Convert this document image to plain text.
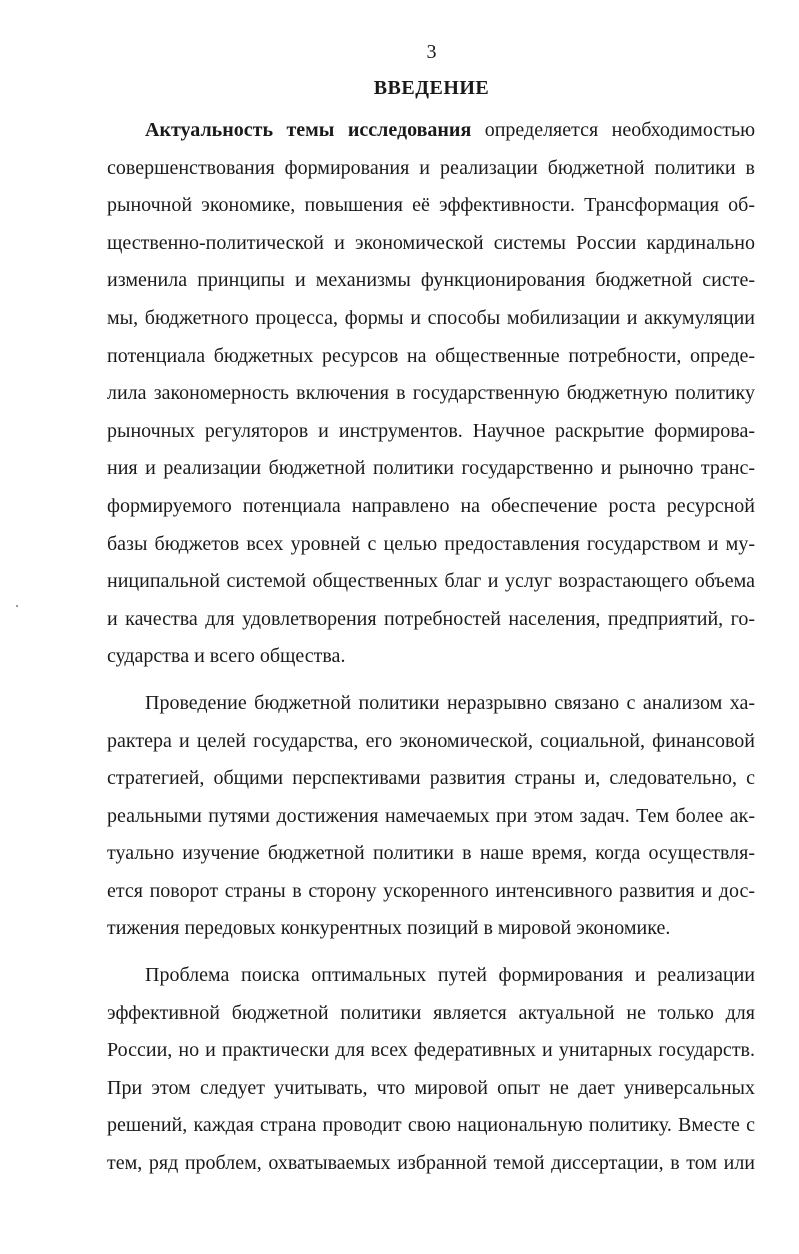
3
ВВЕДЕНИЕ
Актуальность темы исследования определяется необходимостью
совершенствования формирования и реализации бюджетной политики в
рыночной экономике, повышения её эффективности. Трансформация об-
щественно-политической и экономической системы России кардинально
изменила принципы и механизмы функционирования бюджетной систе-
мы, бюджетного процесса, формы и способы мобилизации и аккумуляции
потенциала бюджетных ресурсов на общественные потребности, опреде-
лила закономерность включения в государственную бюджетную политику
рыночных регуляторов и инструментов. Научное раскрытие формирова-
ния и реализации бюджетной политики государственно и рыночно транс-
формируемого потенциала направлено на обеспечение роста ресурсной
базы бюджетов всех уровней с целью предоставления государством и му-
ниципальной системой общественных благ и услуг возрастающего объема
и качества для удовлетворения потребностей населения, предприятий, го-
сударства и всего общества.
Проведение бюджетной политики неразрывно связано с анализом ха-
рактера и целей государства, его экономической, социальной, финансовой
стратегией, общими перспективами развития страны и, следовательно, с
реальными путями достижения намечаемых при этом задач. Тем более ак-
туально изучение бюджетной политики в наше время, когда осуществля-
ется поворот страны в сторону ускоренного интенсивного развития и дос-
тижения передовых конкурентных позиций в мировой экономике.
Проблема поиска оптимальных путей формирования и реализации
эффективной бюджетной политики является актуальной не только для
России, но и практически для всех федеративных и унитарных государств.
При этом следует учитывать, что мировой опыт не дает универсальных
решений, каждая страна проводит свою национальную политику. Вместе с
тем, ряд проблем, охватываемых избранной темой диссертации, в том или
